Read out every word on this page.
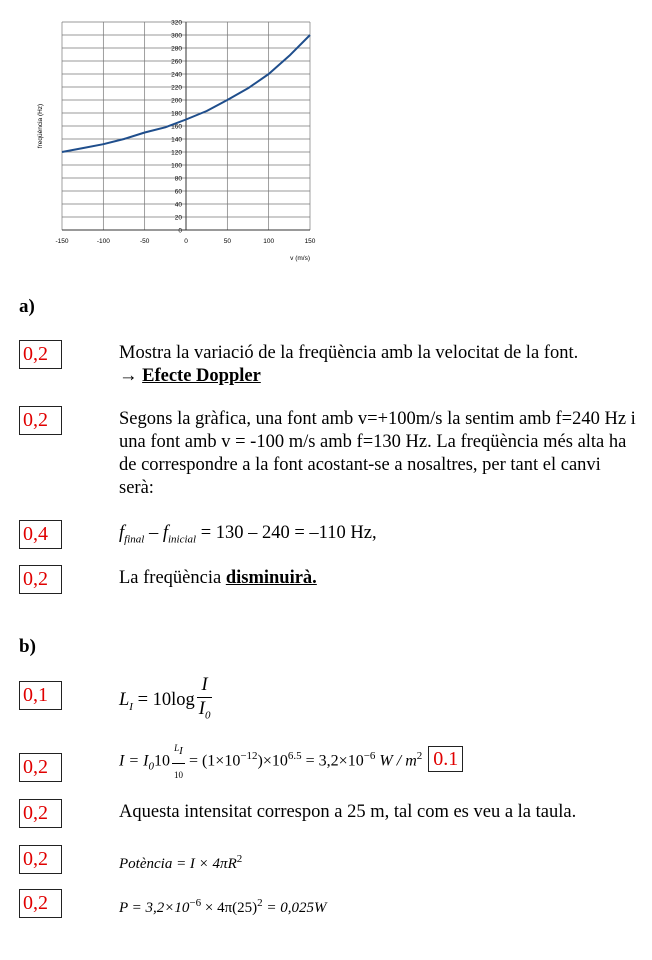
0
20
40
60
80
100
120
140
160
180
200
220
240
260
280
300
320
-150	-100	-50	0	50	100	150
v (m/s)
freqüència (Hz)
a)
0,2	Mostra la variació de la freqüència amb la velocitat de la font.
→ Efecte Doppler
0,2	Segons la gràfica, una font amb v=+100m/s la sentim amb f=240 Hz i una font amb v = -100 m/s amb f=130 Hz. La freqüència més alta ha de correspondre a la font acostant-se a nosaltres, per tant el canvi serà:
0,4	$f_{final} - f_{inicial} = 130 - 240 = -110$ Hz,
0,2	La freqüència disminuirà.
b)
0,1	$L_I = 10\log \frac{I}{I_0}$
0,2	$I = I_010 \frac{L_I}{10} = (1\times 10^{-12})\times 10^{6.5} = 3,2\times 10^{-6}$ W / $m^2$ 0.1
0,2	Aquesta intensitat correspon a 25 m, tal com es veu a la taula.
0,2	Potència = $I \times 4\pi R^2$
0,2	$P = 3,2\times 10^{-6} \times 4\pi(25)^2 = 0,025W$
